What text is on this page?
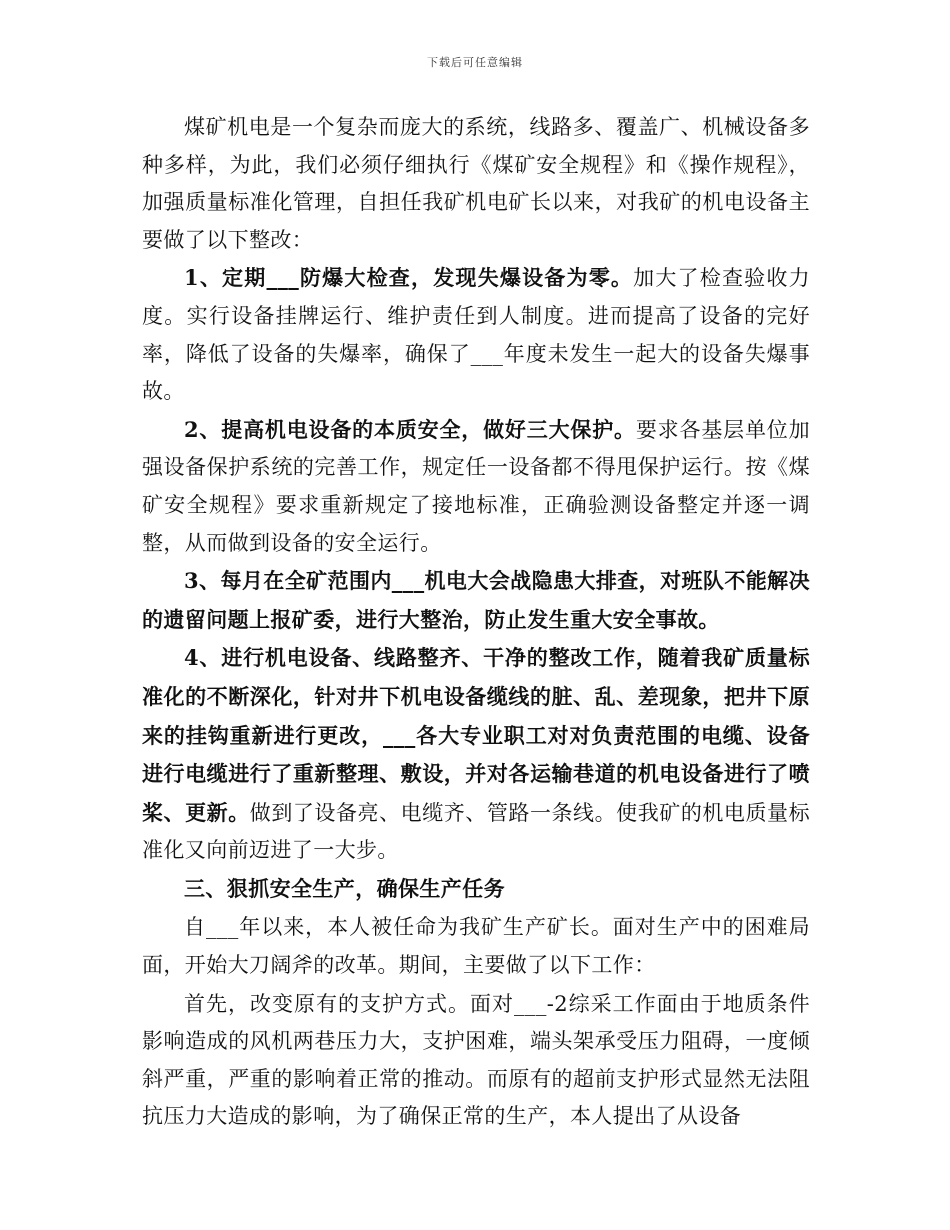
下载后可任意编辑

煤矿机电是一个复杂而庞大的系统，线路多、覆盖广、机械设备多种多样，为此，我们必须仔细执行《煤矿安全规程》和《操作规程》，加强质量标准化管理，自担任我矿机电矿长以来，对我矿的机电设备主要做了以下整改：

1、定期___防爆大检查，发现失爆设备为零。加大了检查验收力度。实行设备挂牌运行、维护责任到人制度。进而提高了设备的完好率，降低了设备的失爆率，确保了___年度未发生一起大的设备失爆事故。

2、提高机电设备的本质安全，做好三大保护。要求各基层单位加强设备保护系统的完善工作，规定任一设备都不得甩保护运行。按《煤矿安全规程》要求重新规定了接地标准，正确验测设备整定并逐一调整，从而做到设备的安全运行。

3、每月在全矿范围内___机电大会战隐患大排查，对班队不能解决的遗留问题上报矿委，进行大整治，防止发生重大安全事故。

4、进行机电设备、线路整齐、干净的整改工作，随着我矿质量标准化的不断深化，针对井下机电设备缆线的脏、乱、差现象，把井下原来的挂钩重新进行更改，___各大专业职工对对负责范围的电缆、设备进行电缆进行了重新整理、敷设，并对各运输巷道的机电设备进行了喷桨、更新。做到了设备亮、电缆齐、管路一条线。使我矿的机电质量标准化又向前迈进了一大步。

三、狠抓安全生产，确保生产任务

自___年以来，本人被任命为我矿生产矿长。面对生产中的困难局面，开始大刀阔斧的改革。期间，主要做了以下工作：

首先，改变原有的支护方式。面对___-2综采工作面由于地质条件影响造成的风机两巷压力大，支护困难，端头架承受压力阻碍，一度倾斜严重，严重的影响着正常的推动。而原有的超前支护形式显然无法阻抗压力大造成的影响，为了确保正常的生产，本人提出了从设备
